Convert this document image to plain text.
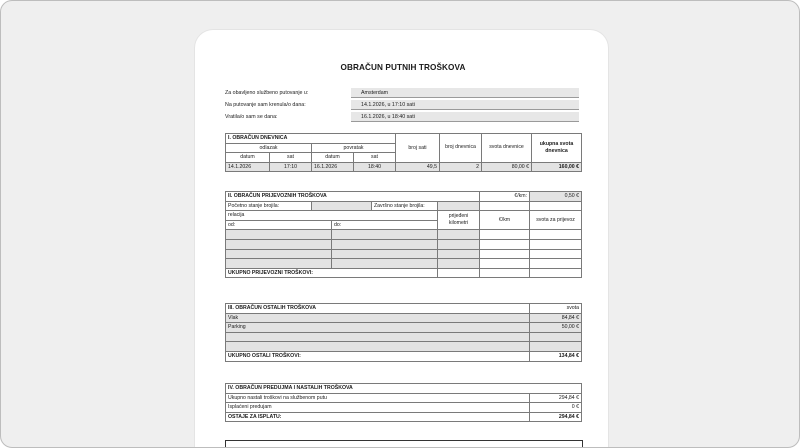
OBRAČUN PUTNIH TROŠKOVA
Za obavljeno službeno putovanje u:	Amsterdam
Na putovanje sam krenula/o dana:	14.1.2026, u 17:10 sati
Vratila/o sam se dana:	16.1.2026, u 18:40 sati
I. OBRAČUN DNEVNICA				broj sati	broj dnevnica	svota dnevnice	ukupna svota dnevnica
odlazak		povratak					
datum	sat	datum	sat				
14.1.2026	17:10	16.1.2026	18:40	49,5	2	80,00 €	160,00 €
II. OBRAČUN PRIJEVOZNIH TROŠKOVA					€/km:	0,50 €
Početno stanje brojila:			Završno stanje brojila:			
relacija				prijeđeni kilometri	€/km	svota za prijevoz
od:		do:				

UKUPNO PRIJEVOZNI TROŠKOVI:						
III. OBRAČUN OSTALIH TROŠKOVA	svota
Vlak	84,84 €
Parking	50,00 €

UKUPNO OSTALI TROŠKOVI:	134,84 €
IV. OBRAČUN PREDUJMA I NASTALIH TROŠKOVA	
Ukupno nastali troškovi na službenom putu	294,84 €
Isplaćeni predujam	0 €
OSTAJE ZA ISPLATU:	294,84 €
